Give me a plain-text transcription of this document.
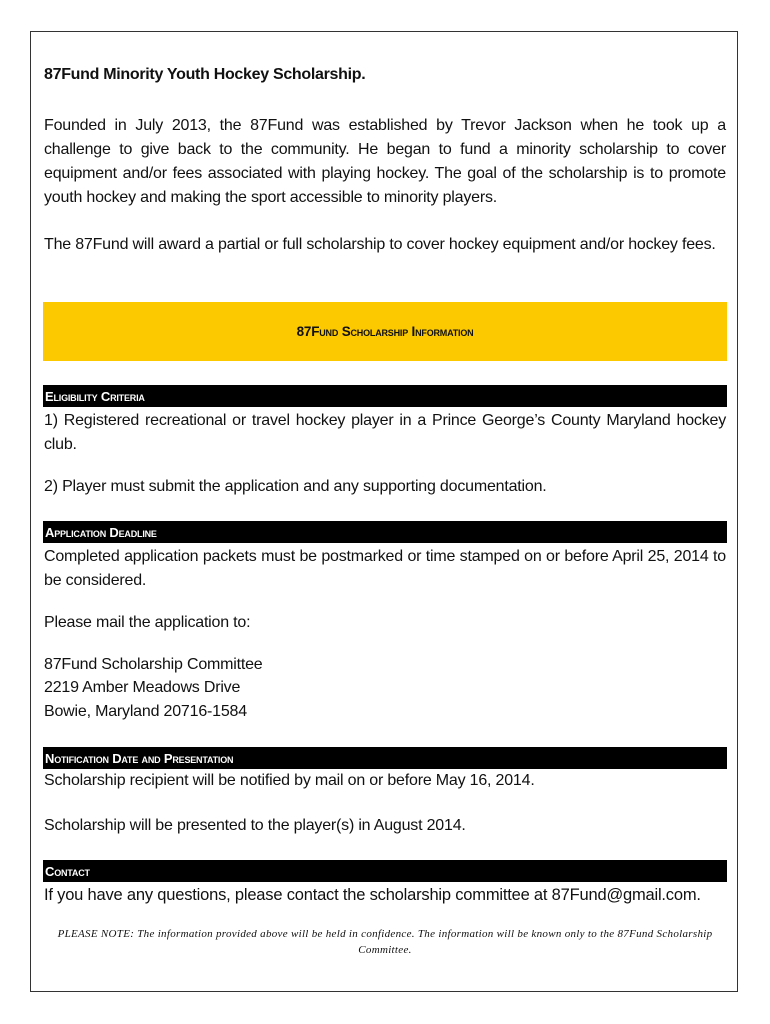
87Fund Minority Youth Hockey Scholarship.
Founded in July 2013, the 87Fund was established by Trevor Jackson when he took up a challenge to give back to the community. He began to fund a minority scholarship to cover equipment and/or fees associated with playing hockey. The goal of the scholarship is to promote youth hockey and making the sport accessible to minority players.
The 87Fund will award a partial or full scholarship to cover hockey equipment and/or hockey fees.
87Fund Scholarship Information
Eligibility Criteria
1) Registered recreational or travel hockey player in a Prince George’s County Maryland hockey club.
2) Player must submit the application and any supporting documentation.
Application Deadline
Completed application packets must be postmarked or time stamped on or before April 25, 2014 to be considered.
Please mail the application to:
87Fund Scholarship Committee
2219 Amber Meadows Drive
Bowie, Maryland 20716-1584
Notification Date and Presentation
Scholarship recipient will be notified by mail on or before May 16, 2014.
Scholarship will be presented to the player(s) in August 2014.
Contact
If you have any questions, please contact the scholarship committee at 87Fund@gmail.com.
PLEASE NOTE: The information provided above will be held in confidence. The information will be known only to the 87Fund Scholarship Committee.
